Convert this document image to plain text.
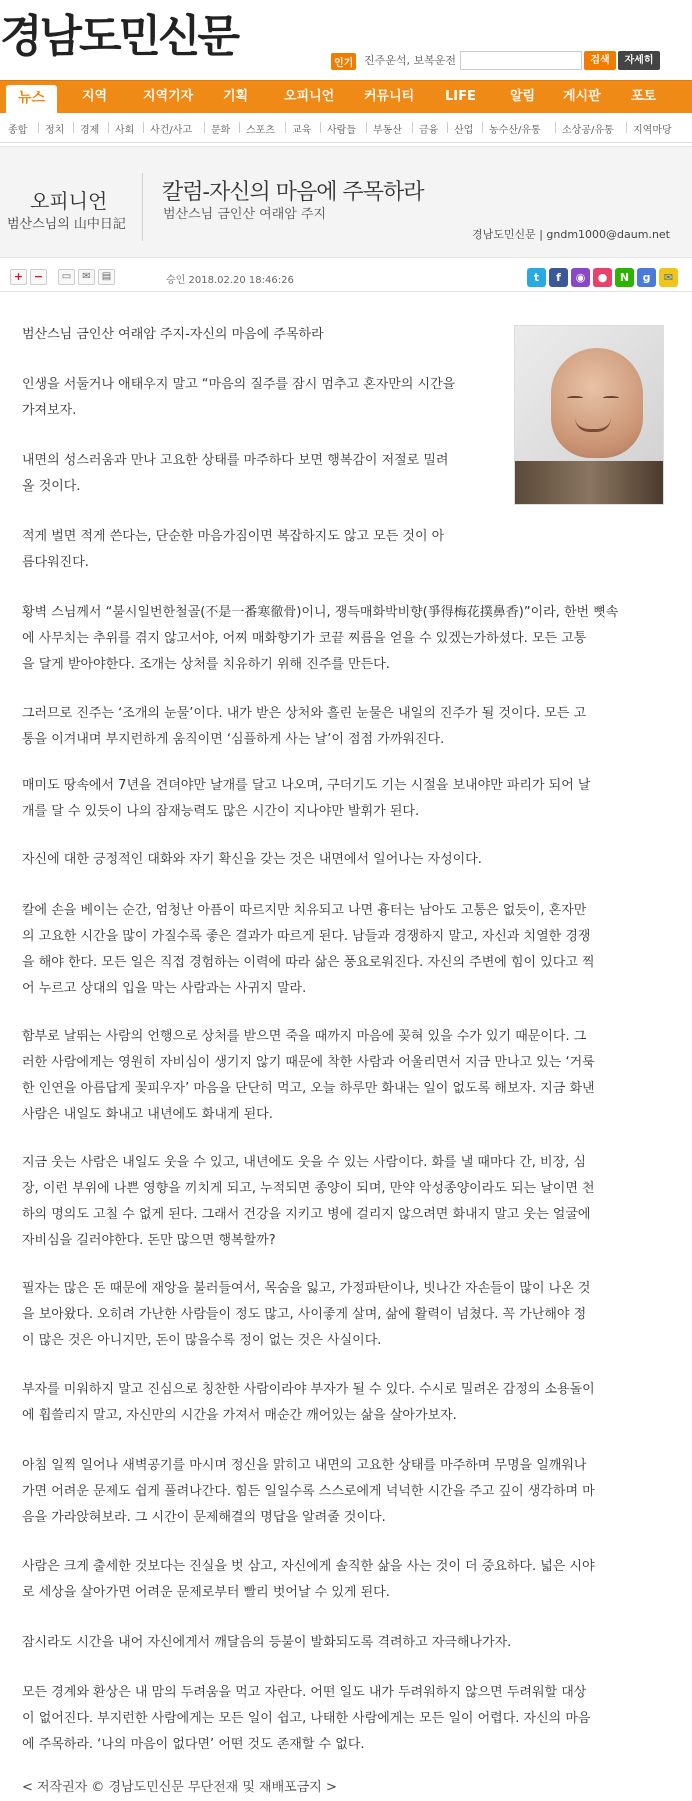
경남도민신문
인기 진주운석, 보복운전	검색	자세히
뉴스	지역	지역기자 기획	오피니언 커뮤니티 LIFE	알림 게시판 포토
종합 정치 경제 사회 사건/사고 문화 스포츠 교육 사람들 부동산 금융 산업 농수산/유통 소상공/유통 지역마당
오피니언
범산스님의 山中日記
칼럼-자신의 마음에 주목하라
범산스님 금인산 여래암 주지
경남도민신문 | gndm1000@daum.net
+ −	▭	✉	▤	승인 2018.02.20 18:46:26	t	f	◉	●	N	g	✉
범산스님 금인산 여래암 주지-자신의 마음에 주목하라
인생을 서둘거나 애태우지 말고 “마음의 질주를 잠시 멈추고 혼자만의 시간을
가져보자.
내면의 성스러움과 만나 고요한 상태를 마주하다 보면 행복감이 저절로 밀려
올 것이다.
적게 벌면 적게 쓴다는, 단순한 마음가짐이면 복잡하지도 않고 모든 것이 아
름다워진다.
황벽 스님께서 “불시일번한철골(不是一番寒徹骨)이니, 쟁득매화박비향(爭得梅花撲鼻香)”이라, 한번 뼛속
에 사무치는 추위를 겪지 않고서야, 어찌 매화향기가 코끝 찌름을 얻을 수 있겠는가하셨다. 모든 고통
을 달게 받아야한다. 조개는 상처를 치유하기 위해 진주를 만든다.
그러므로 진주는 ‘조개의 눈물’이다. 내가 받은 상처와 흘린 눈물은 내일의 진주가 될 것이다. 모든 고
통을 이겨내며 부지런하게 움직이면 ‘심플하게 사는 날’이 점점 가까워진다.
매미도 땅속에서 7년을 견뎌야만 날개를 달고 나오며, 구더기도 기는 시절을 보내야만 파리가 되어 날
개를 달 수 있듯이 나의 잠재능력도 많은 시간이 지나야만 발휘가 된다.
자신에 대한 긍정적인 대화와 자기 확신을 갖는 것은 내면에서 일어나는 자성이다.
칼에 손을 베이는 순간, 엄청난 아픔이 따르지만 치유되고 나면 흉터는 남아도 고통은 없듯이, 혼자만
의 고요한 시간을 많이 가질수록 좋은 결과가 따르게 된다. 남들과 경쟁하지 말고, 자신과 치열한 경쟁
을 해야 한다. 모든 일은 직접 경험하는 이력에 따라 삶은 풍요로워진다. 자신의 주변에 힘이 있다고 찍
어 누르고 상대의 입을 막는 사람과는 사귀지 말라.
함부로 날뛰는 사람의 언행으로 상처를 받으면 죽을 때까지 마음에 꽂혀 있을 수가 있기 때문이다. 그
러한 사람에게는 영원히 자비심이 생기지 않기 때문에 착한 사람과 어울리면서 지금 만나고 있는 ‘거룩
한 인연을 아름답게 꽃피우자’ 마음을 단단히 먹고, 오늘 하루만 화내는 일이 없도록 해보자. 지금 화낸
사람은 내일도 화내고 내년에도 화내게 된다.
지금 웃는 사람은 내일도 웃을 수 있고, 내년에도 웃을 수 있는 사람이다. 화를 낼 때마다 간, 비장, 심
장, 이런 부위에 나쁜 영향을 끼치게 되고, 누적되면 종양이 되며, 만약 악성종양이라도 되는 날이면 천
하의 명의도 고칠 수 없게 된다. 그래서 건강을 지키고 병에 걸리지 않으려면 화내지 말고 웃는 얼굴에
자비심을 길러야한다. 돈만 많으면 행복할까?
필자는 많은 돈 때문에 재앙을 불러들여서, 목숨을 잃고, 가정파탄이나, 빗나간 자손들이 많이 나온 것
을 보아왔다. 오히려 가난한 사람들이 정도 많고, 사이좋게 살며, 삶에 활력이 넘쳤다. 꼭 가난해야 정
이 많은 것은 아니지만, 돈이 많을수록 정이 없는 것은 사실이다.
부자를 미워하지 말고 진심으로 칭찬한 사람이라야 부자가 될 수 있다. 수시로 밀려온 감정의 소용돌이
에 휩쓸리지 말고, 자신만의 시간을 가져서 매순간 깨어있는 삶을 살아가보자.
아침 일찍 일어나 새벽공기를 마시며 정신을 맑히고 내면의 고요한 상태를 마주하며 무명을 일깨워나
가면 어려운 문제도 쉽게 풀려나간다. 힘든 일일수록 스스로에게 넉넉한 시간을 주고 깊이 생각하며 마
음을 가라앉혀보라. 그 시간이 문제해결의 명답을 알려줄 것이다.
사람은 크게 출세한 것보다는 진실을 벗 삼고, 자신에게 솔직한 삶을 사는 것이 더 중요하다. 넓은 시야
로 세상을 살아가면 어려운 문제로부터 빨리 벗어날 수 있게 된다.
잠시라도 시간을 내어 자신에게서 깨달음의 등불이 발화되도록 격려하고 자극해나가자.
모든 경계와 환상은 내 맘의 두려움을 먹고 자란다. 어떤 일도 내가 두려워하지 않으면 두려워할 대상
이 없어진다. 부지런한 사람에게는 모든 일이 쉽고, 나태한 사람에게는 모든 일이 어렵다. 자신의 마음
에 주목하라. ‘나의 마음이 없다면’ 어떤 것도 존재할 수 없다.
< 저작권자 © 경남도민신문 무단전재 및 재배포금지 >
